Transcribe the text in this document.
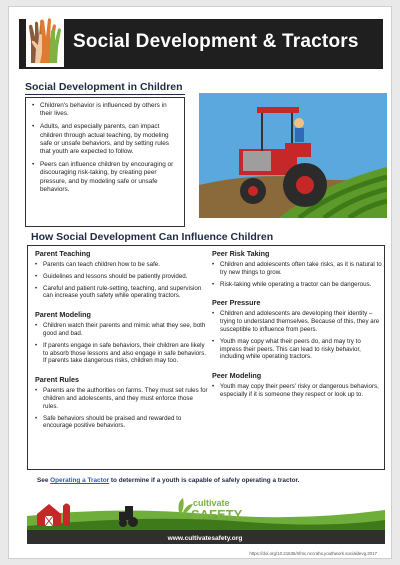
Social Development & Tractors
Social Development in Children
• Children's behavior is influenced by others in their lives.
• Adults, and especially parents, can impact children through actual teaching, by modeling safe or unsafe behaviors, and by setting rules that youth are expected to follow.
• Peers can influence children by encouraging or discouraging risk-taking, by creating peer pressure, and by modeling safe or unsafe behaviors.
How Social Development Can Influence Children
Parent Teaching
• Parents can teach children how to be safe.
• Guidelines and lessons should be patiently provided.
• Careful and patient rule-setting, teaching, and supervision can increase youth safety while operating tractors.
Parent Modeling
• Children watch their parents and mimic what they see, both good and bad.
• If parents engage in safe behaviors, their children are likely to absorb those lessons and also engage in safe behaviors. If parents take dangerous risks, children may too.
Parent Rules
• Parents are the authorities on farms. They must set rules for children and adolescents, and they must enforce those rules.
• Safe behaviors should be praised and rewarded to encourage positive behaviors.
Peer Risk Taking
• Children and adolescents often take risks, as it is natural to try new things to grow.
• Risk-taking while operating a tractor can be dangerous.
Peer Pressure
• Children and adolescents are developing their identity – trying to understand themselves. Because of this, they are susceptible to influence from peers.
• Youth may copy what their peers do, and may try to impress their peers. This can lead to risky behavior, including while operating tractors.
Peer Modeling
• Youth may copy their peers' risky or dangerous behaviors, especially if it is someone they respect or look up to.
See Operating a Tractor to determine if a youth is capable of safely operating a tractor.
cultivate
SAFETY
www.cultivatesafety.org
https://doi.org/10.21636/nfmc.nccrahs.youthwork.socialdevg.2017
